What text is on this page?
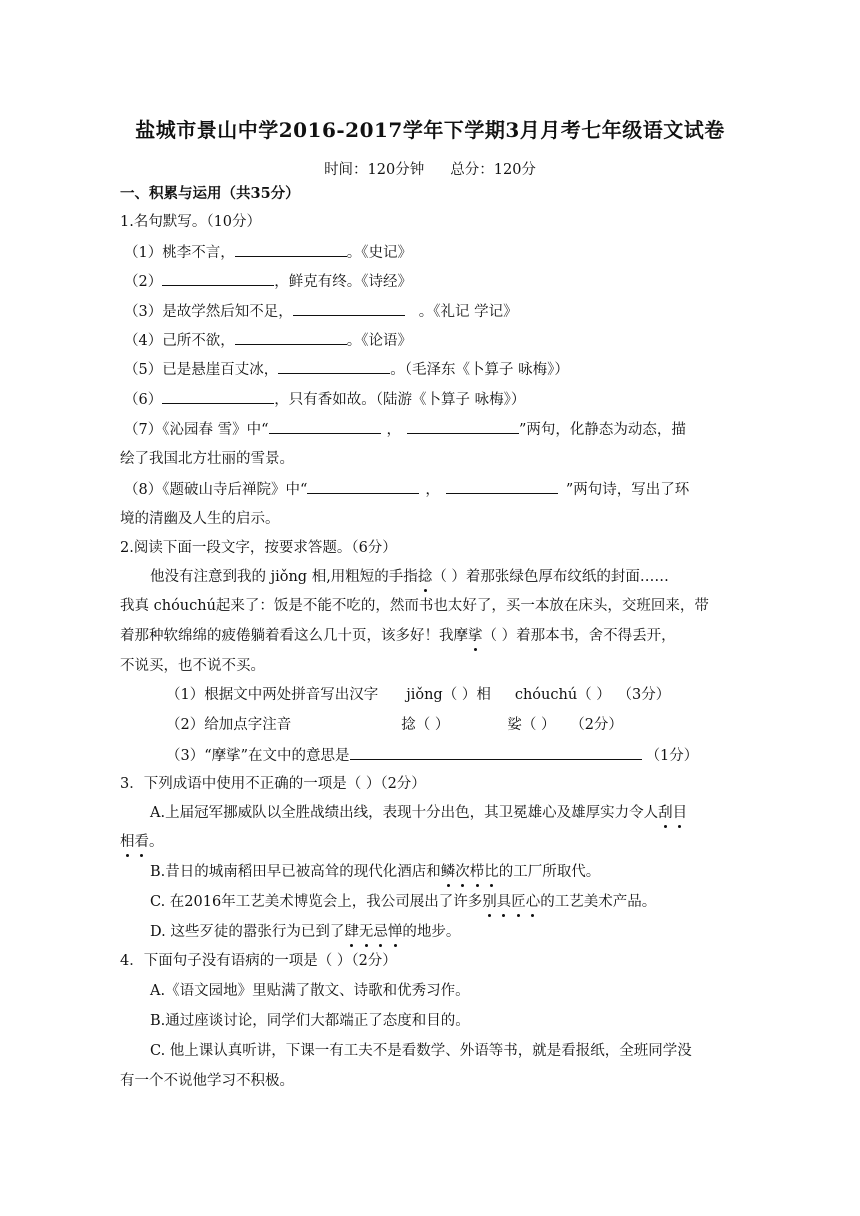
盐城市景山中学2016-2017学年下学期3月月考七年级语文试卷
时间：120分钟 总分：120分
一、积累与运用（共35分）
1.名句默写。（10分）
（1）桃李不言，	。《史记》
（2）	，鲜克有终。《诗经》
（3）是故学然后知不足，	。《礼记 学记》
（4）己所不欲，	。《论语》
（5）已是悬崖百丈冰，	。（毛泽东《卜算子 咏梅》）
（6）	，只有香如故。（陆游《卜算子 咏梅》）
（7）《沁园春 雪》中“	，	”两句，化静态为动态，描
绘了我国北方壮丽的雪景。
（8）《题破山寺后禅院》中“	，	”两句诗，写出了环
境的清幽及人生的启示。
2.阅读下面一段文字，按要求答题。（6分）
他没有注意到我的 jiǒng 相,用粗短的手指捻（ ）着那张绿色厚布纹纸的封面……
我真 chóuchú起来了：饭是不能不吃的，然而书也太好了，买一本放在床头，交班回来，带
着那种软绵绵的疲倦躺着看这么几十页，该多好！我摩挲（ ）着那本书，舍不得丢开，
不说买，也不说不买。
（1）根据文中两处拼音写出汉字 jiǒng（ ）相 chóuchú（ ） （3分）
（2）给加点字注音	捻（ ）	娑（ ） （2分）
（3）“摩挲”在文中的意思是	（1分）
3．下列成语中使用不正确的一项是（ ）（2分）
A.上届冠军挪威队以全胜战绩出线，表现十分出色，其卫冕雄心及雄厚实力令人刮目
相看。
B.昔日的城南稻田早已被高耸的现代化酒店和鳞次栉比的工厂所取代。
C. 在2016年工艺美术博览会上，我公司展出了许多别具匠心的工艺美术产品。
D. 这些歹徒的嚣张行为已到了肆无忌惮的地步。
4．下面句子没有语病的一项是（ ）（2分）
A.《语文园地》里贴满了散文、诗歌和优秀习作。
B.通过座谈讨论，同学们大都端正了态度和目的。
C. 他上课认真听讲，下课一有工夫不是看数学、外语等书，就是看报纸，全班同学没
有一个不说他学习不积极。
